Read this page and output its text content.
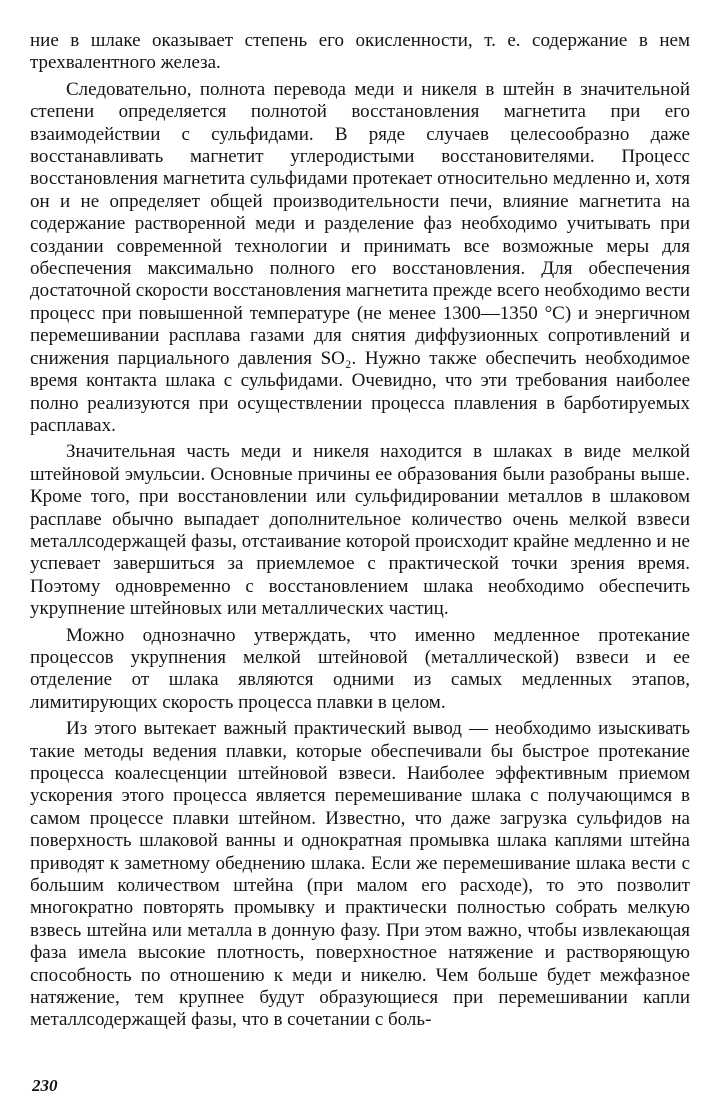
ние в шлаке оказывает степень его окисленности, т. е. содержание в нем трехвалентного железа.

Следовательно, полнота перевода меди и никеля в штейн в значительной степени определяется полнотой восстановления магнетита при его взаимодействии с сульфидами. В ряде случаев целесообразно даже восстанавливать магнетит углеродистыми восстановителями. Процесс восстановления магнетита сульфидами протекает относительно медленно и, хотя он и не определяет общей производительности печи, влияние магнетита на содержание растворенной меди и разделение фаз необходимо учитывать при создании современной технологии и принимать все возможные меры для обеспечения максимально полного его восстановления. Для обеспечения достаточной скорости восстановления магнетита прежде всего необходимо вести процесс при повышенной температуре (не менее 1300—1350 °С) и энергичном перемешивании расплава газами для снятия диффузионных сопротивлений и снижения парциального давления SO₂. Нужно также обеспечить необходимое время контакта шлака с сульфидами. Очевидно, что эти требования наиболее полно реализуются при осуществлении процесса плавления в барботируемых расплавах.

Значительная часть меди и никеля находится в шлаках в виде мелкой штейновой эмульсии. Основные причины ее образования были разобраны выше. Кроме того, при восстановлении или сульфидировании металлов в шлаковом расплаве обычно выпадает дополнительное количество очень мелкой взвеси металлсодержащей фазы, отстаивание которой происходит крайне медленно и не успевает завершиться за приемлемое с практической точки зрения время. Поэтому одновременно с восстановлением шлака необходимо обеспечить укрупнение штейновых или металлических частиц.

Можно однозначно утверждать, что именно медленное протекание процессов укрупнения мелкой штейновой (металлической) взвеси и ее отделение от шлака являются одними из самых медленных этапов, лимитирующих скорость процесса плавки в целом.

Из этого вытекает важный практический вывод — необходимо изыскивать такие методы ведения плавки, которые обеспечивали бы быстрое протекание процесса коалесценции штейновой взвеси. Наиболее эффективным приемом ускорения этого процесса является перемешивание шлака с получающимся в самом процессе плавки штейном. Известно, что даже загрузка сульфидов на поверхность шлаковой ванны и однократная промывка шлака каплями штейна приводят к заметному обеднению шлака. Если же перемешивание шлака вести с большим количеством штейна (при малом его расходе), то это позволит многократно повторять промывку и практически полностью собрать мелкую взвесь штейна или металла в донную фазу. При этом важно, чтобы извлекающая фаза имела высокие плотность, поверхностное натяжение и растворяющую способность по отношению к меди и никелю. Чем больше будет межфазное натяжение, тем крупнее будут образующиеся при перемешивании капли металлсодержащей фазы, что в сочетании с боль-

230
